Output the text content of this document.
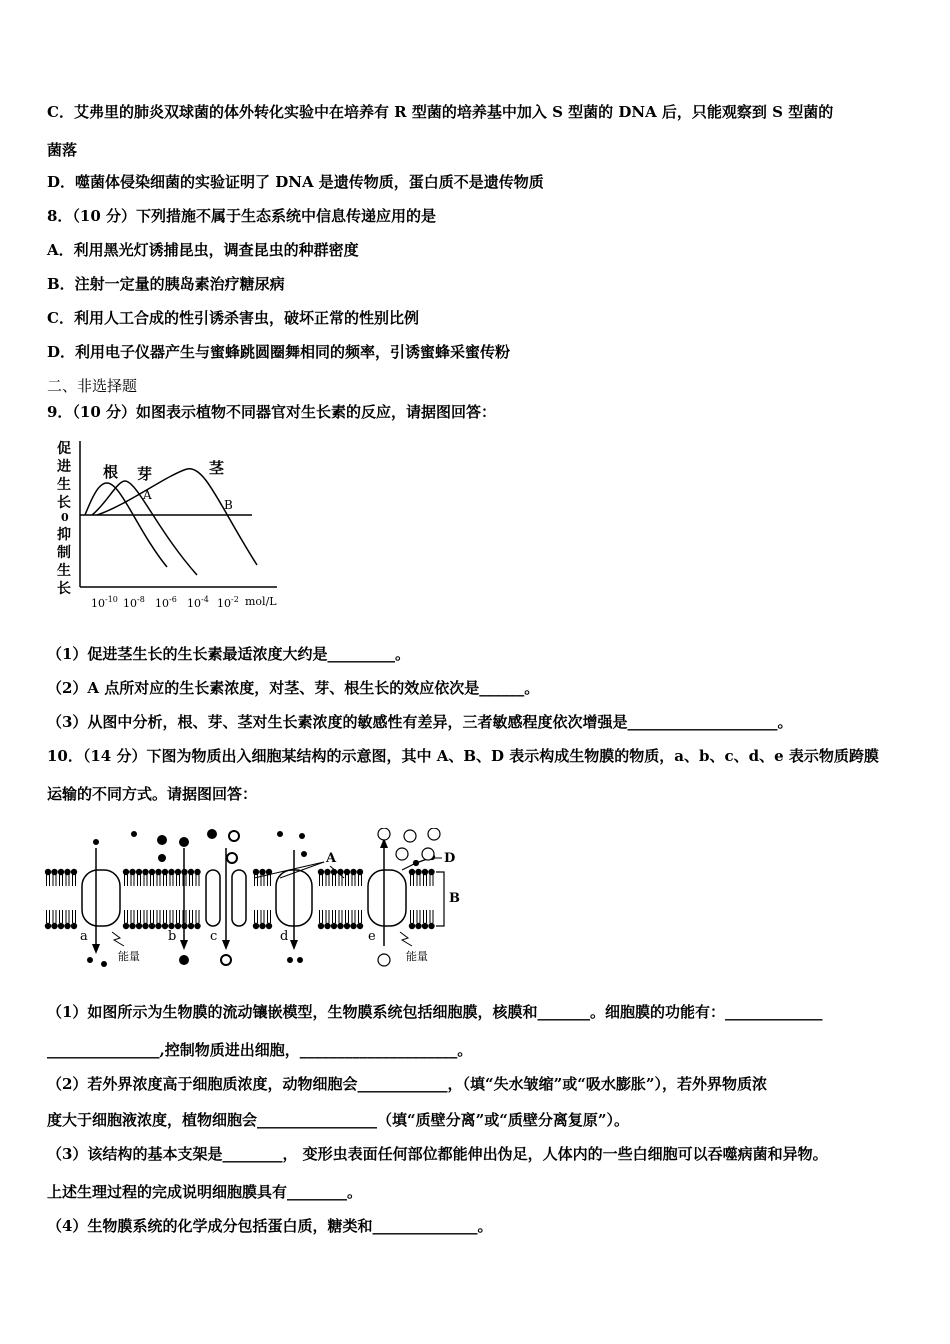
C．艾弗里的肺炎双球菌的体外转化实验中在培养有 R 型菌的培养基中加入 S 型菌的 DNA 后，只能观察到 S 型菌的
菌落
D．噬菌体侵染细菌的实验证明了 DNA 是遗传物质，蛋白质不是遗传物质
8．（10 分）下列措施不属于生态系统中信息传递应用的是
A．利用黑光灯诱捕昆虫，调查昆虫的种群密度
B．注射一定量的胰岛素治疗糖尿病
C．利用人工合成的性引诱杀害虫，破坏正常的性别比例
D．利用电子仪器产生与蜜蜂跳圆圈舞相同的频率，引诱蜜蜂采蜜传粉
二、非选择题
9．（10 分）如图表示植物不同器官对生长素的反应，请据图回答：
促
进
生
长
0
抑
制
生
长
根 芽	茎
A
B
$10^{-10}$ $10^{-8}$ $10^{-6}$ $10^{-4}$ $10^{-2}$ mol/L
（1）促进茎生长的生长素最适浓度大约是_________。
（2）A 点所对应的生长素浓度，对茎、芽、根生长的效应依次是______。
（3）从图中分析，根、芽、茎对生长素浓度的敏感性有差异，三者敏感程度依次增强是____________________。
10．（14 分）下图为物质出入细胞某结构的示意图，其中 A、B、D 表示构成生物膜的物质，a、b、c、d、e 表示物质跨膜
运输的不同方式。请据图回答：
A	D
B
a	b	c	d	e
能量	能量
（1）如图所示为生物膜的流动镶嵌模型，生物膜系统包括细胞膜，核膜和_______。细胞膜的功能有：_____________
_______________,控制物质进出细胞，_____________________。
（2）若外界浓度高于细胞质浓度，动物细胞会____________，（填“失水皱缩”或“吸水膨胀”），若外界物质浓
度大于细胞液浓度，植物细胞会________________（填“质壁分离”或“质壁分离复原”）。
（3）该结构的基本支架是________， 变形虫表面任何部位都能伸出伪足，人体内的一些白细胞可以吞噬病菌和异物。
上述生理过程的完成说明细胞膜具有________。
（4）生物膜系统的化学成分包括蛋白质，糖类和______________。
